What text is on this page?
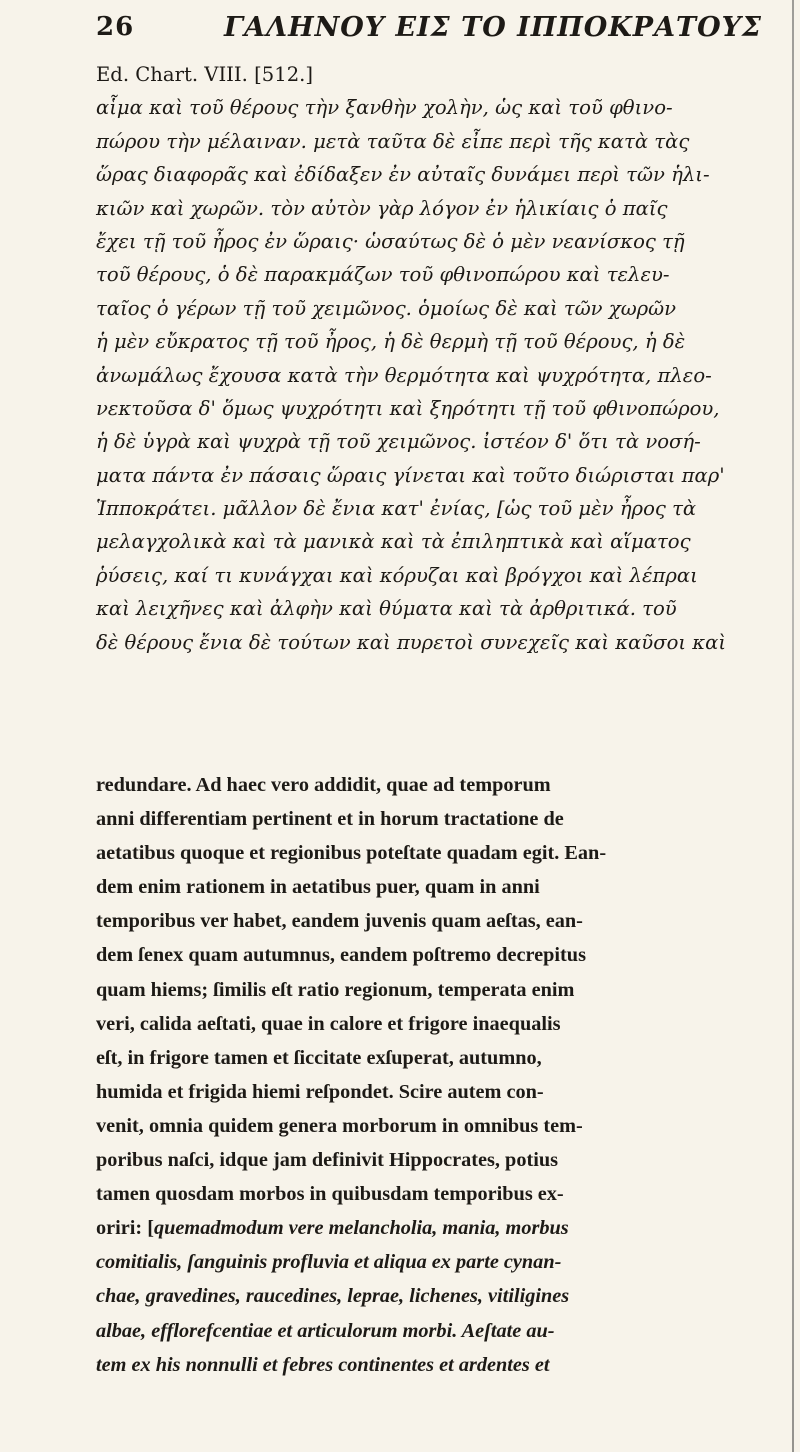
26	ΓΑΛΗΝΟΥ ΕΙΣ ΤΟ ΙΠΠΟΚΡΑΤΟΥΣ
Ed. Chart. VIII. [512.]
αἷμα καὶ τοῦ θέρους τὴν ξανθὴν χολὴν, ὡς καὶ τοῦ φθινο-
πώρου τὴν μέλαιναν. μετὰ ταῦτα δὲ εἶπε περὶ τῆς κατὰ τὰς
ὥρας διαφορᾶς καὶ ἐδίδαξεν ἐν αὐταῖς δυνάμει περὶ τῶν ἡλι-
κιῶν καὶ χωρῶν. τὸν αὐτὸν γὰρ λόγον ἐν ἡλικίαις ὁ παῖς
ἔχει τῇ τοῦ ἦρος ἐν ὥραις· ὡσαύτως δὲ ὁ μὲν νεανίσκος τῇ
τοῦ θέρους, ὁ δὲ παρακμάζων τοῦ φθινοπώρου καὶ τελευ-
ταῖος ὁ γέρων τῇ τοῦ χειμῶνος. ὁμοίως δὲ καὶ τῶν χωρῶν
ἡ μὲν εὔκρατος τῇ τοῦ ἦρος, ἡ δὲ θερμὴ τῇ τοῦ θέρους, ἡ δὲ
ἀνωμάλως ἔχουσα κατὰ τὴν θερμότητα καὶ ψυχρότητα, πλεο-
νεκτοῦσα δ' ὅμως ψυχρότητι καὶ ξηρότητι τῇ τοῦ φθινοπώρου,
ἡ δὲ ὑγρὰ καὶ ψυχρὰ τῇ τοῦ χειμῶνος. ἰστέον δ' ὅτι τὰ νοσή-
ματα πάντα ἐν πάσαις ὥραις γίνεται καὶ τοῦτο διώρισται παρ'
Ἱπποκράτει. μᾶλλον δὲ ἔνια κατ' ἐνίας, [ὡς τοῦ μὲν ἦρος τὰ
μελαγχολικὰ καὶ τὰ μανικὰ καὶ τὰ ἐπιληπτικὰ καὶ αἵματος
ῥύσεις, καί τι κυνάγχαι καὶ κόρυζαι καὶ βρόγχοι καὶ λέπραι
καὶ λειχῆνες καὶ ἀλφὴν καὶ θύματα καὶ τὰ ἀρθριτικά. τοῦ
δὲ θέρους ἔνια δὲ τούτων καὶ πυρετοὶ συνεχεῖς καὶ καῦσοι καὶ
redundare. Ad haec vero addidit, quae ad temporum
anni differentiam pertinent et in horum tractatione de
aetatibus quoque et regionibus poteſtate quadam egit. Ean-
dem enim rationem in aetatibus puer, quam in anni
temporibus ver habet, eandem juvenis quam aeſtas, ean-
dem ſenex quam autumnus, eandem poſtremo decrepitus
quam hiems; ſimilis eſt ratio regionum, temperata enim
veri, calida aeſtati, quae in calore et frigore inaequalis
eſt, in frigore tamen et ſiccitate exſuperat, autumno,
humida et frigida hiemi reſpondet. Scire autem con-
venit, omnia quidem genera morborum in omnibus tem-
poribus naſci, idque jam definivit Hippocrates, potius
tamen quosdam morbos in quibusdam temporibus ex-
oriri: [quemadmodum vere melancholia, mania, morbus
comitialis, ſanguinis profluvia et aliqua ex parte cynan-
chae, gravedines, raucedines, leprae, lichenes, vitiligines
albae, efflorefcentiae et articulorum morbi. Aeſtate au-
tem ex his nonnulli et febres continentes et ardentes et
